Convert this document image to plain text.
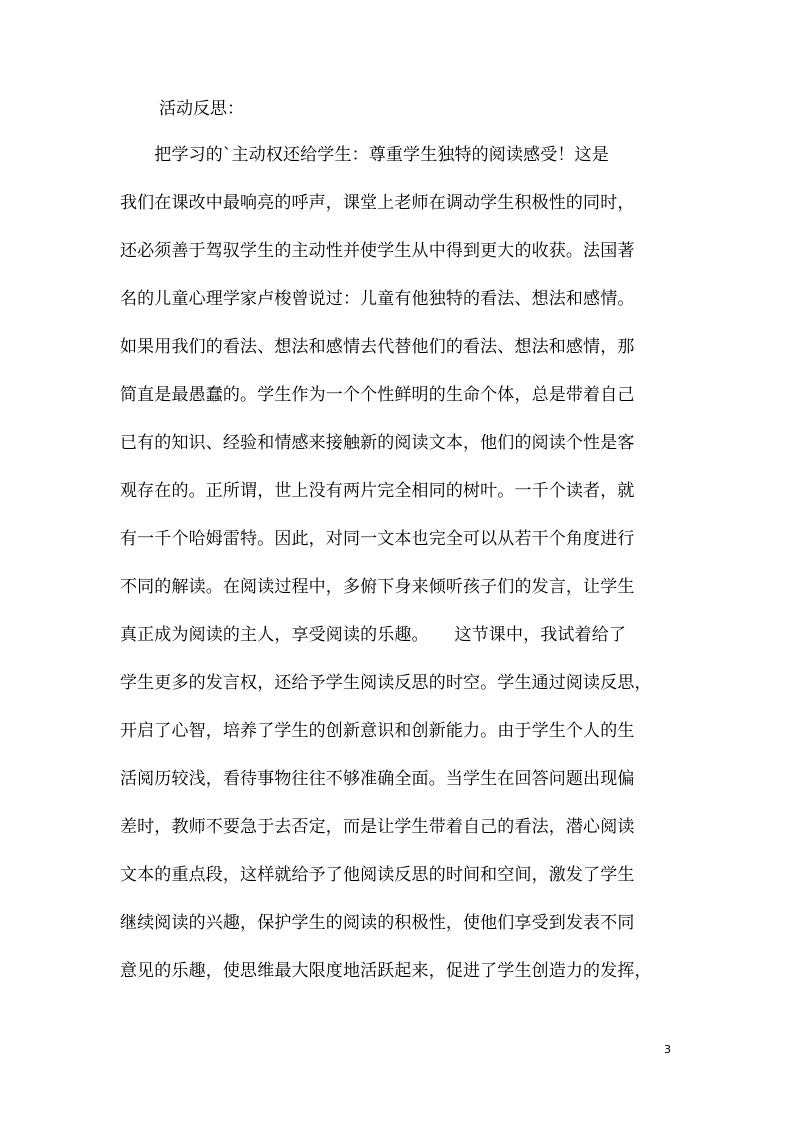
活动反思：
　　把学习的`主动权还给学生：尊重学生独特的阅读感受！这是
我们在课改中最响亮的呼声，课堂上老师在调动学生积极性的同时，
还必须善于驾驭学生的主动性并使学生从中得到更大的收获。法国著
名的儿童心理学家卢梭曾说过：儿童有他独特的看法、想法和感情。
如果用我们的看法、想法和感情去代替他们的看法、想法和感情，那
简直是最愚蠢的。学生作为一个个性鲜明的生命个体，总是带着自己
已有的知识、经验和情感来接触新的阅读文本，他们的阅读个性是客
观存在的。正所谓，世上没有两片完全相同的树叶。一千个读者，就
有一千个哈姆雷特。因此，对同一文本也完全可以从若干个角度进行
不同的解读。在阅读过程中，多俯下身来倾听孩子们的发言，让学生
真正成为阅读的主人，享受阅读的乐趣。　　这节课中，我试着给了
学生更多的发言权，还给予学生阅读反思的时空。学生通过阅读反思，
开启了心智，培养了学生的创新意识和创新能力。由于学生个人的生
活阅历较浅，看待事物往往不够准确全面。当学生在回答问题出现偏
差时，教师不要急于去否定，而是让学生带着自己的看法，潜心阅读
文本的重点段，这样就给予了他阅读反思的时间和空间，激发了学生
继续阅读的兴趣，保护学生的阅读的积极性，使他们享受到发表不同
意见的乐趣，使思维最大限度地活跃起来，促进了学生创造力的发挥，
3
